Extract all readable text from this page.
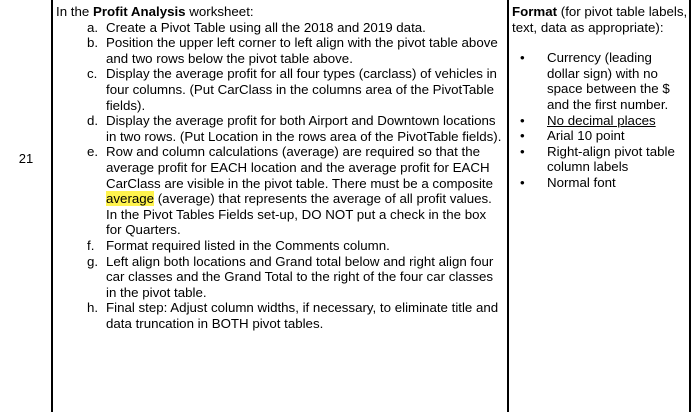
21
In the Profit Analysis worksheet:
a. Create a Pivot Table using all the 2018 and 2019 data.
b. Position the upper left corner to left align with the pivot table above and two rows below the pivot table above.
c. Display the average profit for all four types (carclass) of vehicles in four columns. (Put CarClass in the columns area of the PivotTable fields).
d. Display the average profit for both Airport and Downtown locations in two rows. (Put Location in the rows area of the PivotTable fields).
e. Row and column calculations (average) are required so that the average profit for EACH location and the average profit for EACH CarClass are visible in the pivot table. There must be a composite average (average) that represents the average of all profit values. In the Pivot Tables Fields set-up, DO NOT put a check in the box for Quarters.
f. Format required listed in the Comments column.
g. Left align both locations and Grand total below and right align four car classes and the Grand Total to the right of the four car classes in the pivot table.
h. Final step: Adjust column widths, if necessary, to eliminate title and data truncation in BOTH pivot tables.
Format (for pivot table labels, text, data as appropriate):
• Currency (leading dollar sign) with no space between the $ and the first number.
• No decimal places
• Arial 10 point
• Right-align pivot table column labels
• Normal font
